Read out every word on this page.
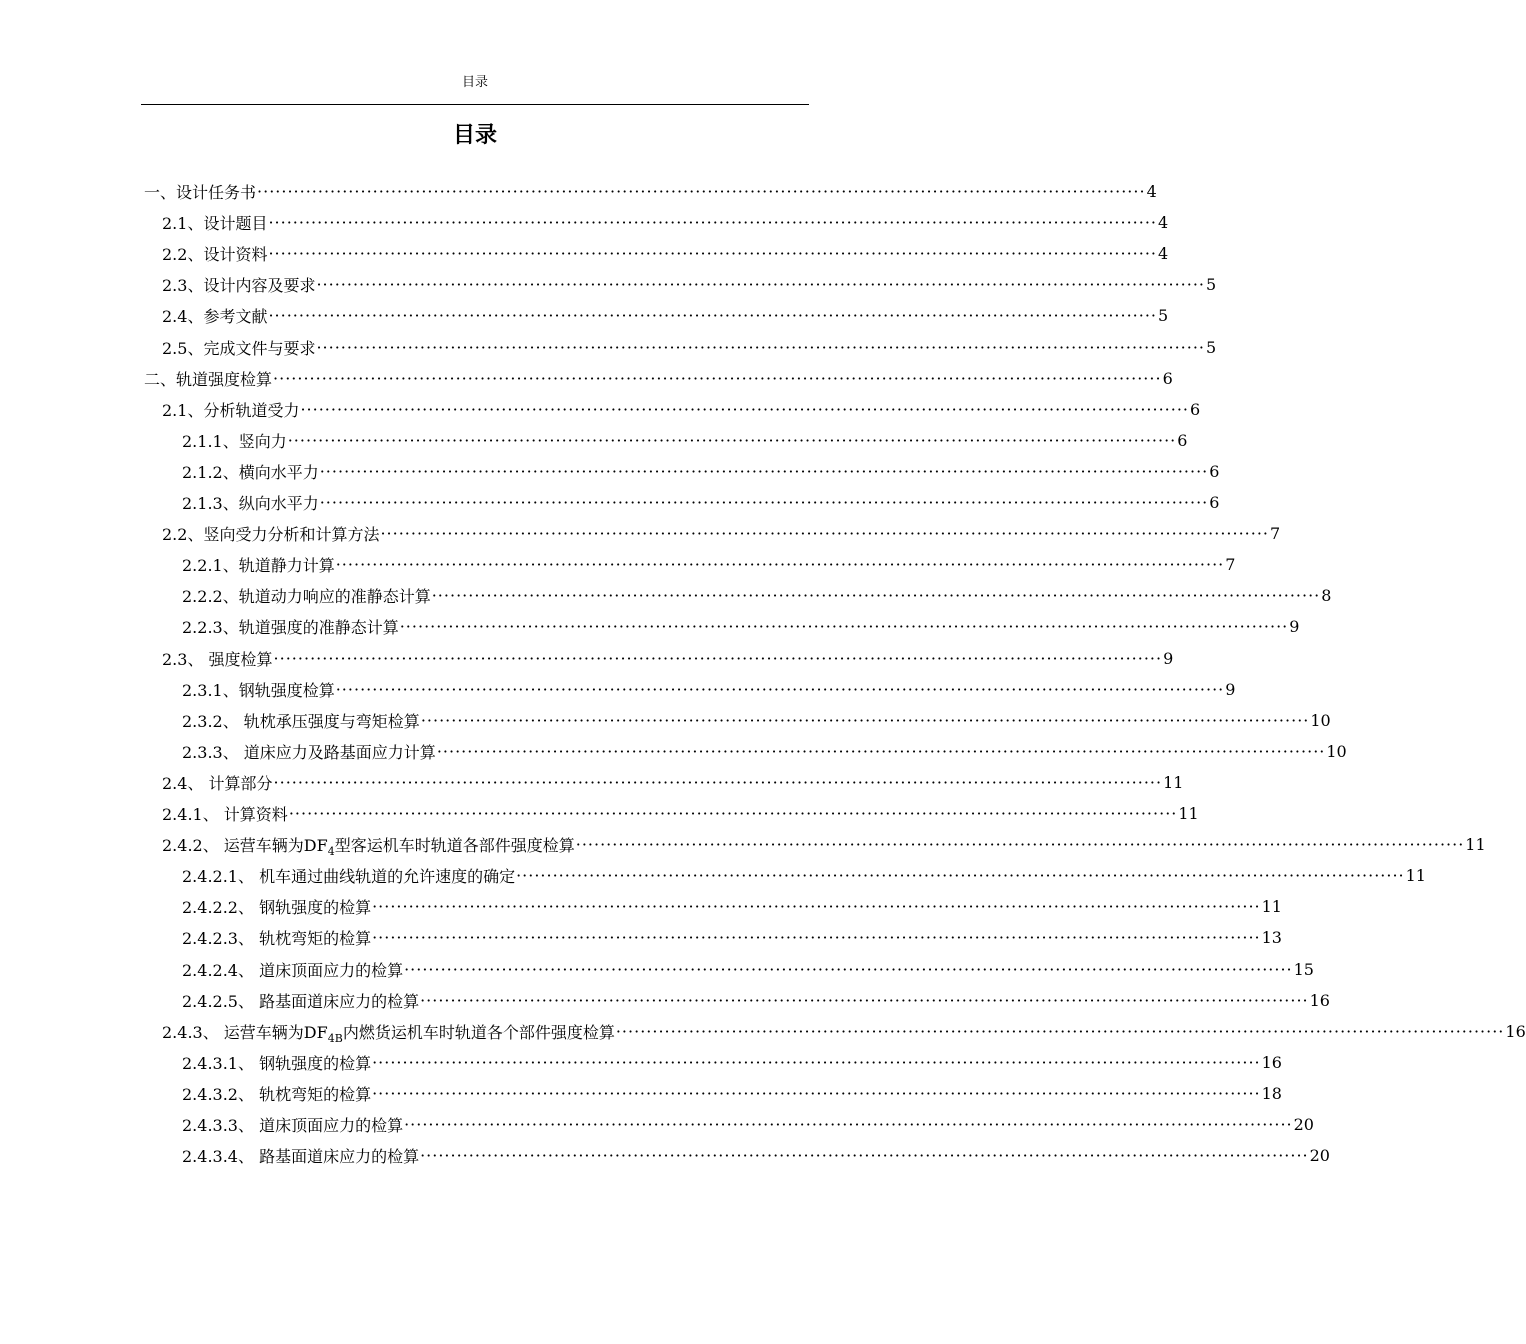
目录
目录
一、设计任务书 ·················································································································································· 4
2.1、设计题目 ·················································································································································· 4
2.2、设计资料 ·················································································································································· 4
2.3、设计内容及要求 ·················································································································································· 5
2.4、参考文献 ·················································································································································· 5
2.5、完成文件与要求 ·················································································································································· 5
二、轨道强度检算 ·················································································································································· 6
2.1、分析轨道受力 ·················································································································································· 6
2.1.1、竖向力 ·················································································································································· 6
2.1.2、横向水平力 ·················································································································································· 6
2.1.3、纵向水平力 ·················································································································································· 6
2.2、竖向受力分析和计算方法 ·················································································································································· 7
2.2.1、轨道静力计算 ·················································································································································· 7
2.2.2、轨道动力响应的准静态计算 ·················································································································································· 8
2.2.3、轨道强度的准静态计算 ·················································································································································· 9
2.3、 强度检算 ·················································································································································· 9
2.3.1、钢轨强度检算 ·················································································································································· 9
2.3.2、 轨枕承压强度与弯矩检算 ·················································································································································· 10
2.3.3、 道床应力及路基面应力计算 ·················································································································································· 10
2.4、 计算部分 ·················································································································································· 11
2.4.1、 计算资料 ·················································································································································· 11
2.4.2、 运营车辆为$DF_4$型客运机车时轨道各部件强度检算 ·················································································································································· 11
2.4.2.1、 机车通过曲线轨道的允许速度的确定 ·················································································································································· 11
2.4.2.2、 钢轨强度的检算 ·················································································································································· 11
2.4.2.3、 轨枕弯矩的检算 ·················································································································································· 13
2.4.2.4、 道床顶面应力的检算 ·················································································································································· 15
2.4.2.5、 路基面道床应力的检算 ·················································································································································· 16
2.4.3、 运营车辆为$DF_{4B}$内燃货运机车时轨道各个部件强度检算 ·················································································································································· 16
2.4.3.1、 钢轨强度的检算 ·················································································································································· 16
2.4.3.2、 轨枕弯矩的检算 ·················································································································································· 18
2.4.3.3、 道床顶面应力的检算 ·················································································································································· 20
2.4.3.4、 路基面道床应力的检算 ·················································································································································· 20
